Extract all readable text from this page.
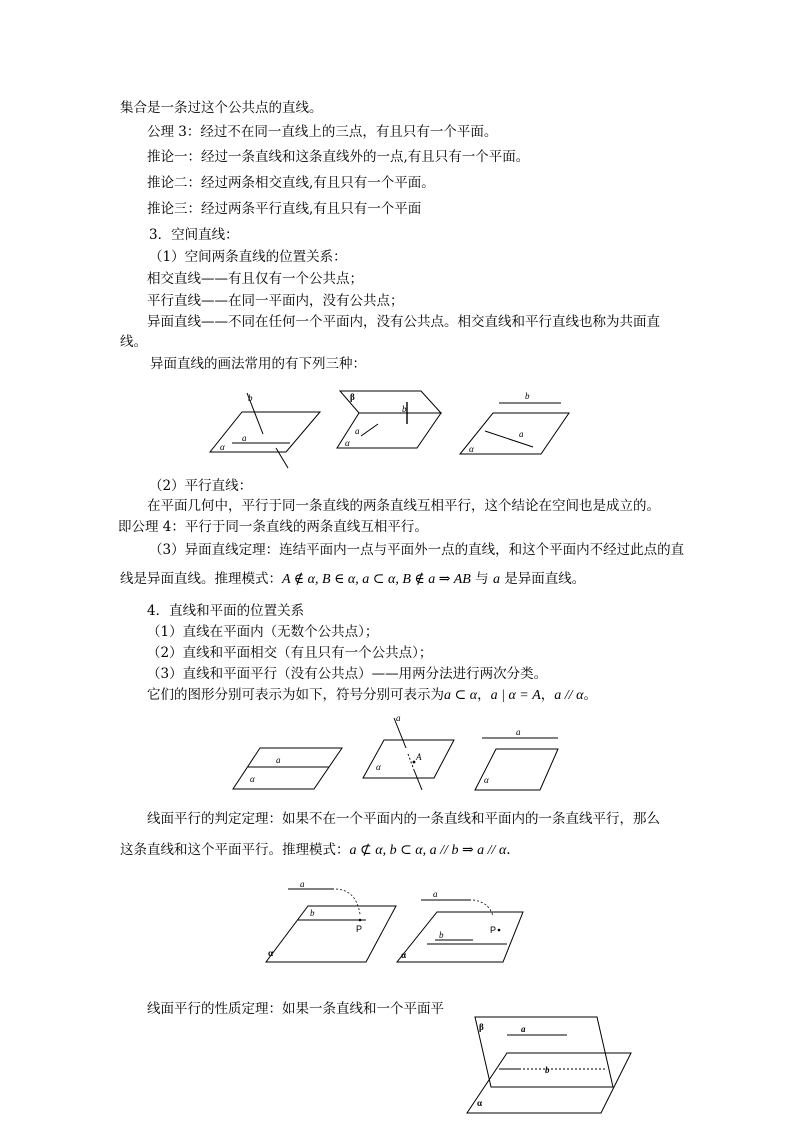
集合是一条过这个公共点的直线。
公理 3：经过不在同一直线上的三点，有且只有一个平面。
推论一：经过一条直线和这条直线外的一点,有且只有一个平面。
推论二：经过两条相交直线,有且只有一个平面。
推论三：经过两条平行直线,有且只有一个平面
3．空间直线：
（1）空间两条直线的位置关系：
相交直线——有且仅有一个公共点；
平行直线——在同一平面内，没有公共点；
异面直线——不同在任何一个平面内，没有公共点。相交直线和平行直线也称为共面直
线。
异面直线的画法常用的有下列三种：
b
a
α
β
b
a
α
b
a
α
（2）平行直线：
在平面几何中，平行于同一条直线的两条直线互相平行，这个结论在空间也是成立的。
即公理 4：平行于同一条直线的两条直线互相平行。
（3）异面直线定理：连结平面内一点与平面外一点的直线，和这个平面内不经过此点的直
线是异面直线。推理模式：A ∉ α, B ∈ α, a ⊂ α, B ∉ a ⇒ AB 与 a 是异面直线。
4．直线和平面的位置关系
（1）直线在平面内（无数个公共点）；
（2）直线和平面相交（有且只有一个公共点）；
（3）直线和平面平行（没有公共点）——用两分法进行两次分类。
它们的图形分别可表示为如下，符号分别可表示为a ⊂ α，a | α = A，a // α。
a
α
a
A
α
a
α
线面平行的判定定理：如果不在一个平面内的一条直线和平面内的一条直线平行，那么
这条直线和这个平面平行。推理模式：a ⊄ α, b ⊂ α, a // b ⇒ a // α.
a
b
P
α
a
b	P
α
线面平行的性质定理：如果一条直线和一个平面平
β	a
b
α
